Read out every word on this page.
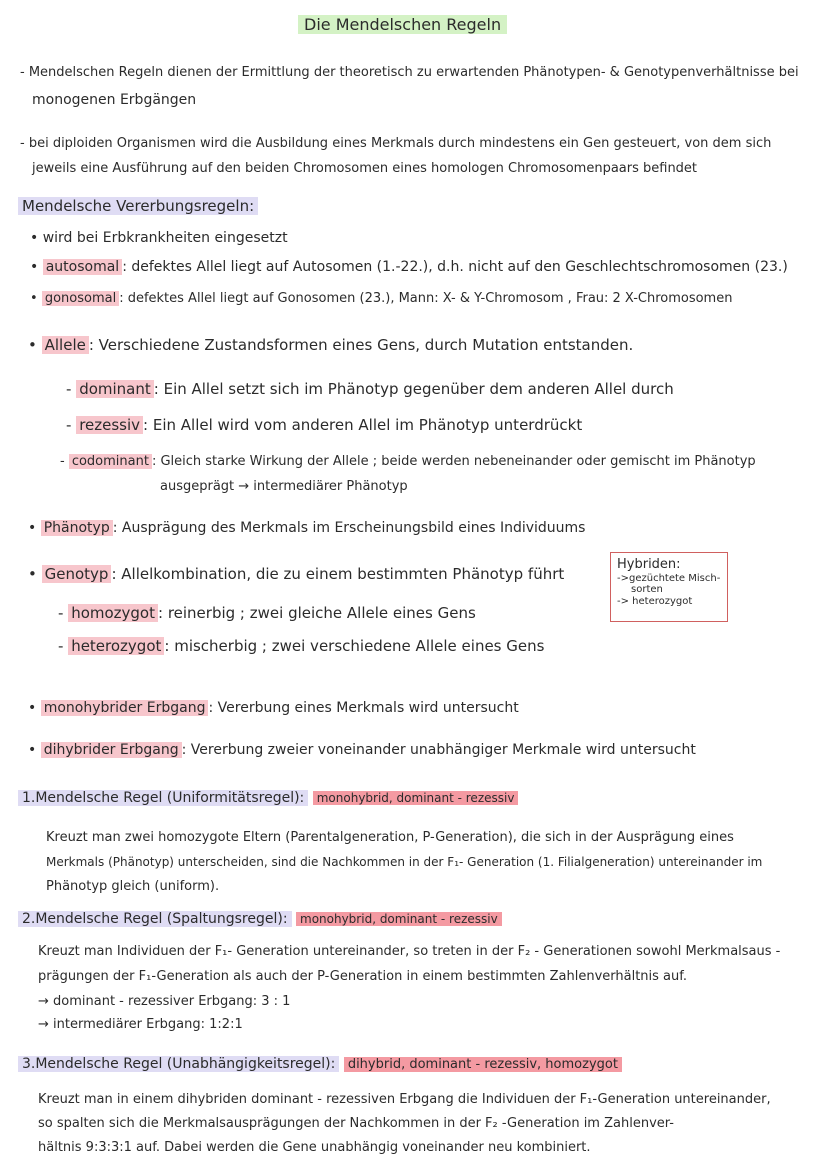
Die Mendelschen Regeln
- Mendelschen Regeln dienen der Ermittlung der theoretisch zu erwartenden Phänotypen- & Genotypenverhältnisse bei
monogenen Erbgängen
- bei diploiden Organismen wird die Ausbildung eines Merkmals durch mindestens ein Gen gesteuert, von dem sich
jeweils eine Ausführung auf den beiden Chromosomen eines homologen Chromosomenpaars befindet
Mendelsche Vererbungsregeln:
• wird bei Erbkrankheiten eingesetzt
• autosomal : defektes Allel liegt auf Autosomen (1.-22.), d.h. nicht auf den Geschlechtschromosomen (23.)
• gonosomal : defektes Allel liegt auf Gonosomen (23.), Mann: X- & Y-Chromosom , Frau: 2 X-Chromosomen
• Allele : Verschiedene Zustandsformen eines Gens, durch Mutation entstanden.
- dominant : Ein Allel setzt sich im Phänotyp gegenüber dem anderen Allel durch
- rezessiv : Ein Allel wird vom anderen Allel im Phänotyp unterdrückt
- codominant : Gleich starke Wirkung der Allele ; beide werden nebeneinander oder gemischt im Phänotyp
ausgeprägt → intermediärer Phänotyp
• Phänotyp : Ausprägung des Merkmals im Erscheinungsbild eines Individuums
• Genotyp : Allelkombination, die zu einem bestimmten Phänotyp führt
- homozygot : reinerbig ; zwei gleiche Allele eines Gens
- heterozygot : mischerbig ; zwei verschiedene Allele eines Gens
Hybriden:
->gezüchtete Misch-
sorten
-> heterozygot
• monohybrider Erbgang : Vererbung eines Merkmals wird untersucht
• dihybrider Erbgang : Vererbung zweier voneinander unabhängiger Merkmale wird untersucht
1.Mendelsche Regel (Uniformitätsregel): monohybrid, dominant - rezessiv
Kreuzt man zwei homozygote Eltern (Parentalgeneration, P-Generation), die sich in der Ausprägung eines
Merkmals (Phänotyp) unterscheiden, sind die Nachkommen in der F₁- Generation (1. Filialgeneration) untereinander im
Phänotyp gleich (uniform).
2.Mendelsche Regel (Spaltungsregel): monohybrid, dominant - rezessiv
Kreuzt man Individuen der F₁- Generation untereinander, so treten in der F₂ - Generationen sowohl Merkmalsaus -
prägungen der F₁-Generation als auch der P-Generation in einem bestimmten Zahlenverhältnis auf.
→ dominant - rezessiver Erbgang: 3 : 1
→ intermediärer Erbgang: 1:2:1
3.Mendelsche Regel (Unabhängigkeitsregel): dihybrid, dominant - rezessiv, homozygot
Kreuzt man in einem dihybriden dominant - rezessiven Erbgang die Individuen der F₁-Generation untereinander,
so spalten sich die Merkmalsausprägungen der Nachkommen in der F₂ -Generation im Zahlenver-
hältnis 9:3:3:1 auf. Dabei werden die Gene unabhängig voneinander neu kombiniert.
